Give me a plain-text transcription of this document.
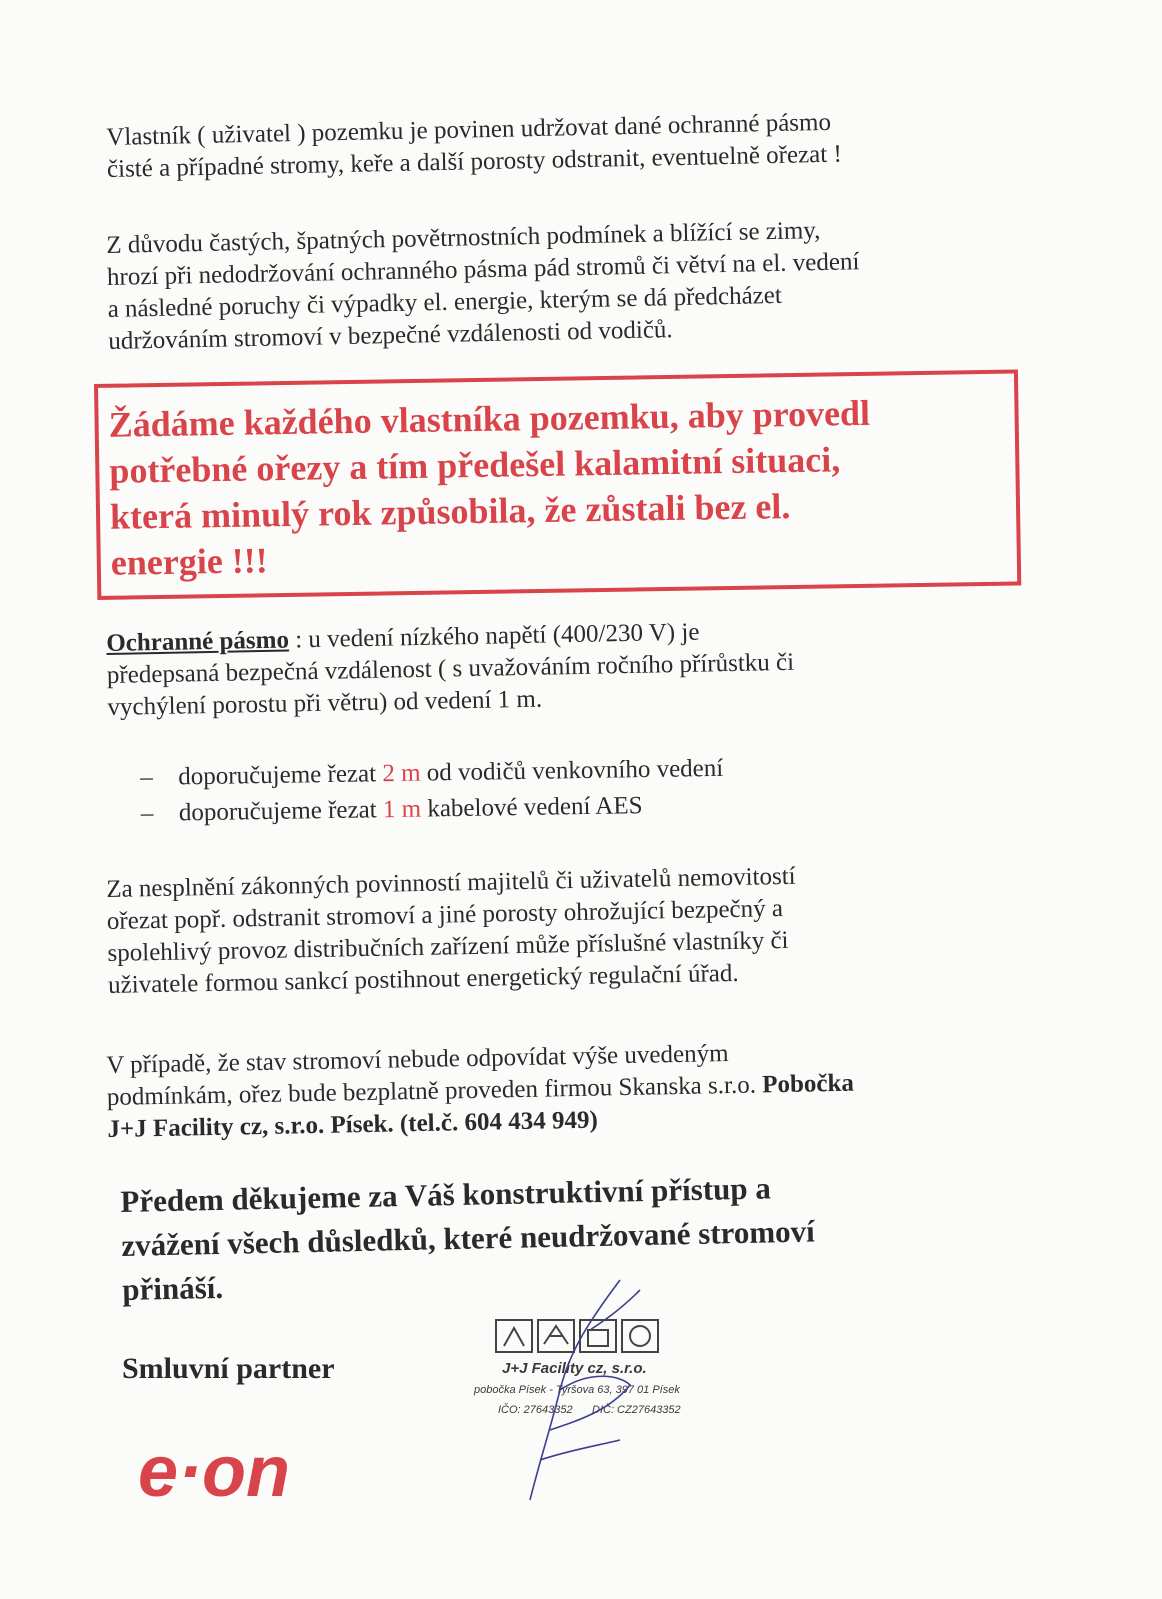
Vlastník ( uživatel ) pozemku je povinen udržovat dané ochranné pásmo
čisté a případné stromy, keře a další porosty odstranit, eventuelně ořezat !

Z důvodu častých, špatných povětrnostních podmínek a blížící se zimy,
hrozí při nedodržování ochranného pásma pád stromů či větví na el. vedení
a následné poruchy či výpadky el. energie, kterým se dá předcházet
udržováním stromoví v bezpečné vzdálenosti od vodičů.

Žádáme každého vlastníka pozemku, aby provedl
potřebné ořezy a tím předešel kalamitní situaci,
která minulý rok způsobila, že zůstali bez el.
energie !!!

Ochranné pásmo : u vedení nízkého napětí (400/230 V) je
předepsaná bezpečná vzdálenost ( s uvažováním ročního přírůstku či
vychýlení porostu při větru) od vedení 1 m.

– doporučujeme řezat 2 m od vodičů venkovního vedení
– doporučujeme řezat 1 m kabelové vedení AES

Za nesplnění zákonných povinností majitelů či uživatelů nemovitostí
ořezat popř. odstranit stromoví a jiné porosty ohrožující bezpečný a
spolehlivý provoz distribučních zařízení může příslušné vlastníky či
uživatele formou sankcí postihnout energetický regulační úřad.

V případě, že stav stromoví nebude odpovídat výše uvedeným
podmínkám, ořez bude bezplatně proveden firmou Skanska s.r.o. Pobočka
J+J Facility cz, s.r.o. Písek. (tel.č. 604 434 949)

Předem děkujeme za Váš konstruktivní přístup a
zvážení všech důsledků, které neudržované stromoví
přináší.
Smluvní partner
e·on
J+J Facility cz, s.r.o.
pobočka Písek - Tyršova 63, 397 01 Písek
IČO: 27643352 DIČ: CZ27643352
